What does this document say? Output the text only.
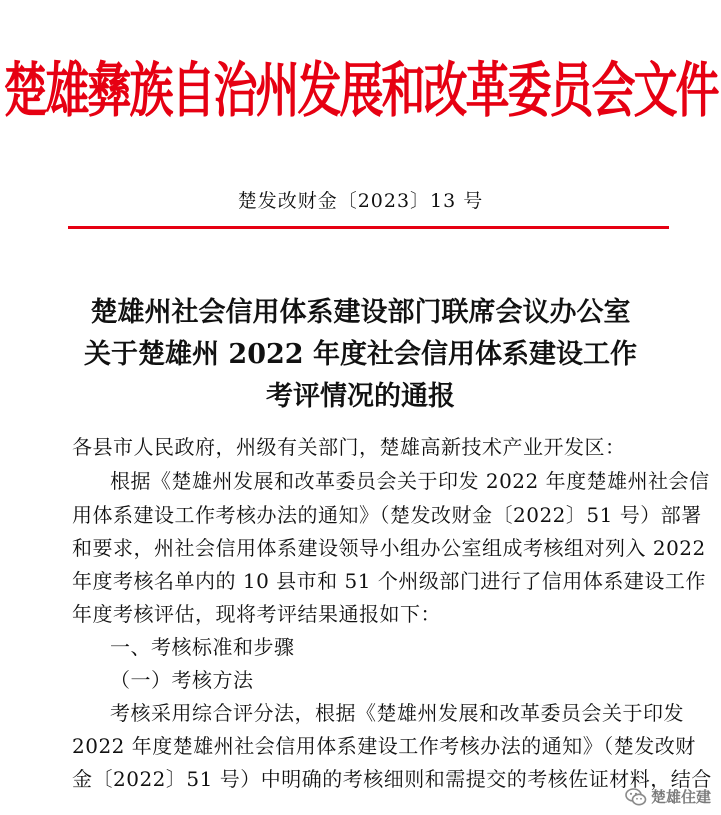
楚雄彝族自治州发展和改革委员会文件
楚发改财金〔2023〕13 号
楚雄州社会信用体系建设部门联席会议办公室
关于楚雄州 2022 年度社会信用体系建设工作
考评情况的通报
各县市人民政府，州级有关部门，楚雄高新技术产业开发区：
根据《楚雄州发展和改革委员会关于印发 2022 年度楚雄州社会信
用体系建设工作考核办法的通知》（楚发改财金〔2022〕51 号）部署
和要求，州社会信用体系建设领导小组办公室组成考核组对列入 2022
年度考核名单内的 10 县市和 51 个州级部门进行了信用体系建设工作
年度考核评估，现将考评结果通报如下：
一、考核标准和步骤
（一）考核方法
考核采用综合评分法，根据《楚雄州发展和改革委员会关于印发
2022 年度楚雄州社会信用体系建设工作考核办法的通知》（楚发改财
金〔2022〕51 号）中明确的考核细则和需提交的考核佐证材料，结合
楚雄住建
